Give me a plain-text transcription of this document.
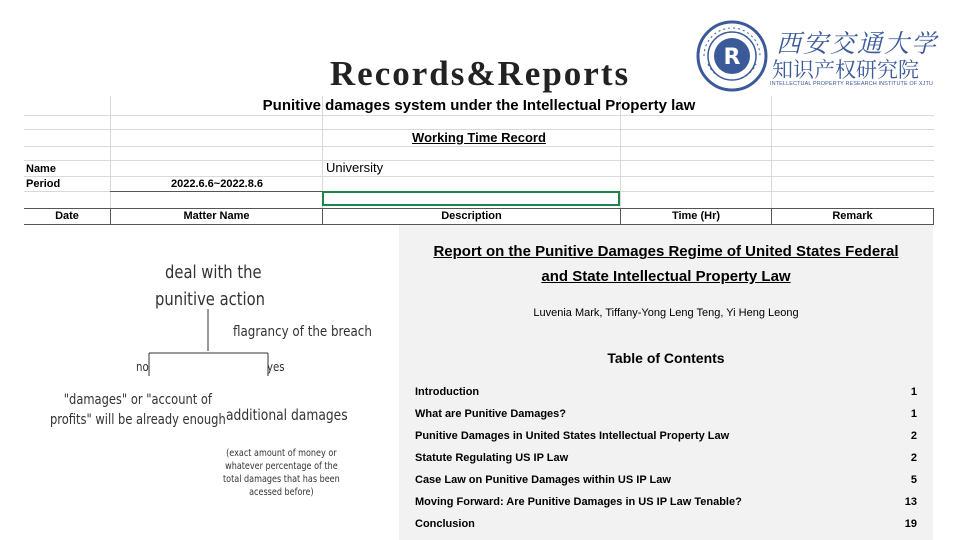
Records&Reports	R 西安交通大学
知识产权研究院
INTELLECTUAL PROPERTY RESEARCH INSTITUTE OF XJTU
Punitive damages system under the Intellectual Property law
Working Time Record
Name	University
Period	2022.6.6~2022.8.6
Date	Matter Name	Description	Time (Hr)	Remark
deal with the
punitive action
flagrancy of the breach
no	yes
"damages" or "account of
profits" will be already enough additional damages
(exact amount of money or
whatever percentage of the
total damages that has been
acessed before)
Report on the Punitive Damages Regime of United States Federal
and State Intellectual Property Law
Luvenia Mark, Tiffany-Yong Leng Teng, Yi Heng Leong
Table of Contents
Introduction	1
What are Punitive Damages?	1
Punitive Damages in United States Intellectual Property Law	2
Statute Regulating US IP Law	2
Case Law on Punitive Damages within US IP Law	5
Moving Forward: Are Punitive Damages in US IP Law Tenable?	13
Conclusion	19
